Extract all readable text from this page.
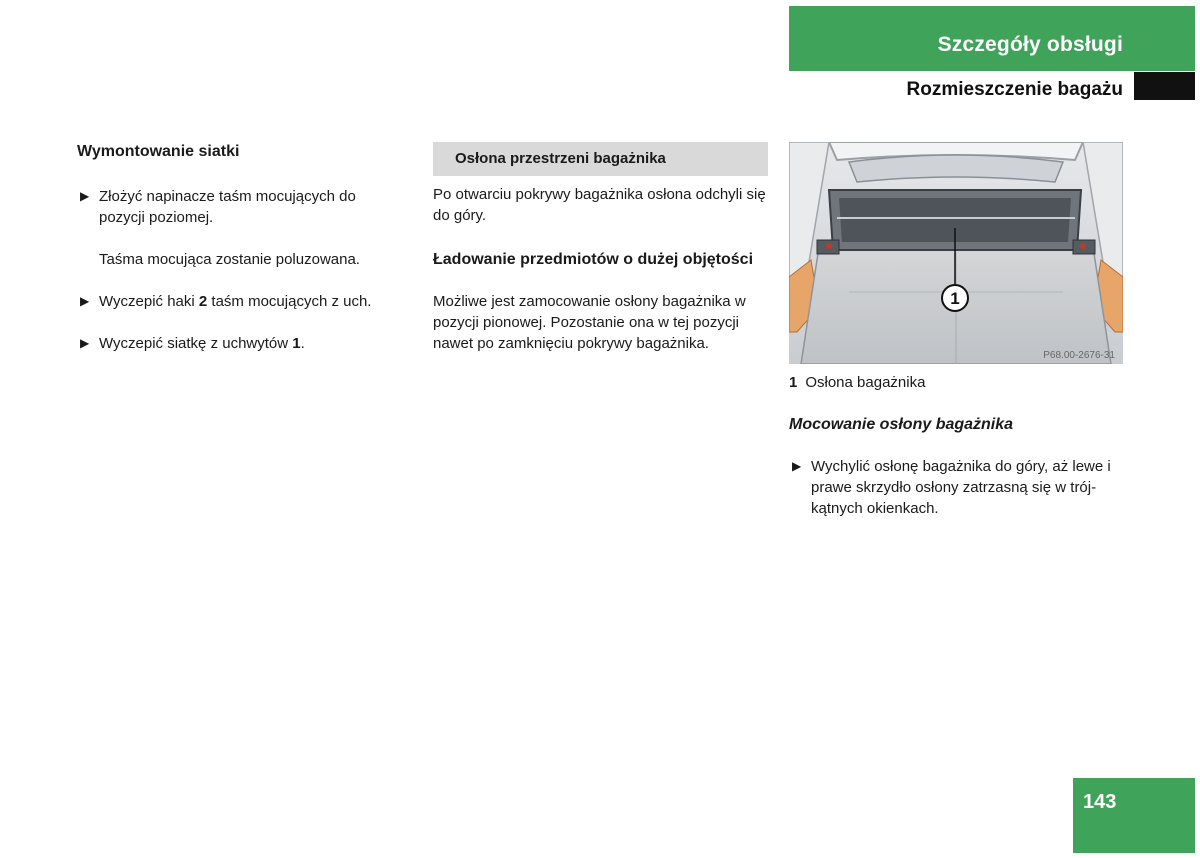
Szczegóły obsługi
Rozmieszczenie bagażu
Wymontowanie siatki
▶ Złożyć napinacze taśm mocujących do pozycji poziomej.
Taśma mocująca zostanie poluzowana.
▶ Wyczepić haki 2 taśm mocujących z uch.
▶ Wyczepić siatkę z uchwytów 1.
Osłona przestrzeni bagażnika
Po otwarciu pokrywy bagażnika osłona odchyli się do góry.
Ładowanie przedmiotów o dużej objętości
Możliwe jest zamocowanie osłony bagażnika w pozycji pionowej. Pozostanie ona w tej pozycji nawet po zamknięciu pokrywy bagażnika.
1
P68.00-2676-31
1 Osłona bagażnika
Mocowanie osłony bagażnika
▶ Wychylić osłonę bagażnika do góry, aż lewe i prawe skrzydło osłony zatrzasną się w trój-kątnych okienkach.
143
